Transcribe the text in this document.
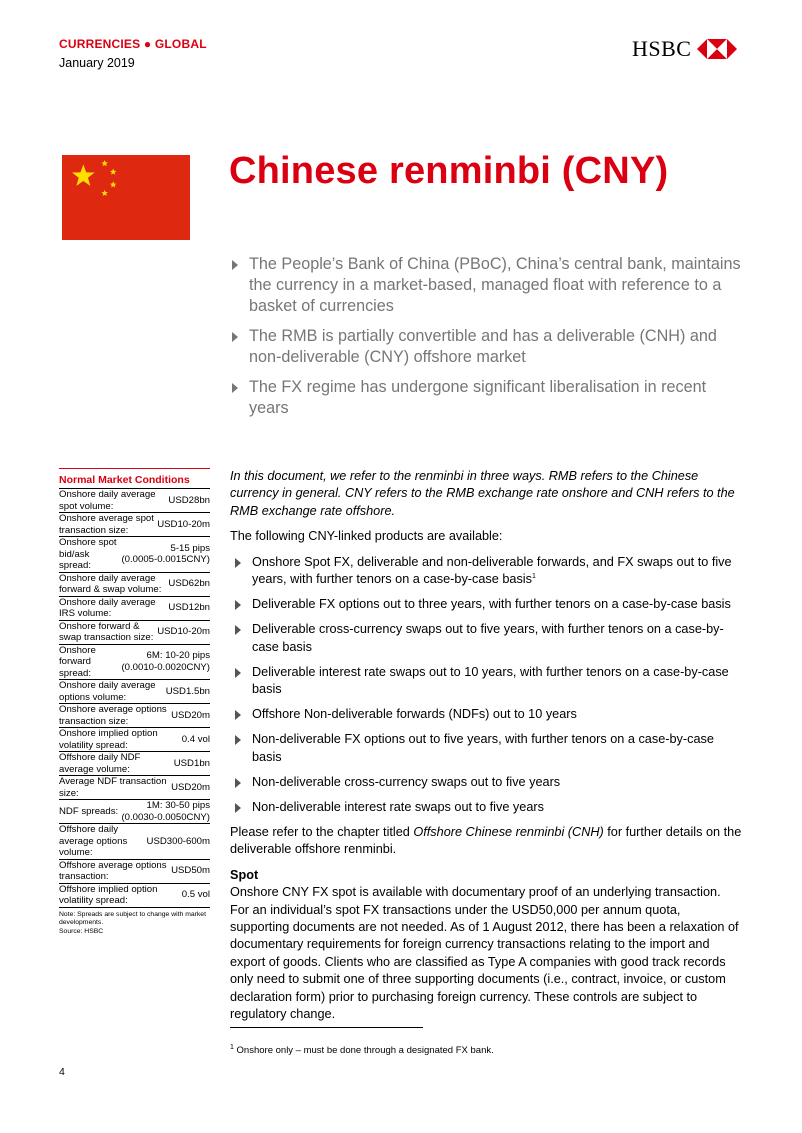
CURRENCIES ● GLOBAL
January 2019
HSBC
Chinese renminbi (CNY)
The People’s Bank of China (PBoC), China’s central bank, maintains the currency in a market-based, managed float with reference to a basket of currencies
The RMB is partially convertible and has a deliverable (CNH) and non-deliverable (CNY) offshore market
The FX regime has undergone significant liberalisation in recent years
Normal Market Conditions
Onshore daily average spot volume:
USD28bn
Onshore average spot transaction size:
USD10-20m
Onshore spot bid/ask spread:
5-15 pips
(0.0005-0.0015CNY)
Onshore daily average forward & swap volume:
USD62bn
Onshore daily average IRS volume:
USD12bn
Onshore forward & swap transaction size:
USD10-20m
Onshore forward spread:
6M: 10-20 pips
(0.0010-0.0020CNY)
Onshore daily average options volume:
USD1.5bn
Onshore average options transaction size:
USD20m
Onshore implied option volatility spread:
0.4 vol
Offshore daily NDF average volume:
USD1bn
Average NDF transaction size:
USD20m
NDF spreads:
1M: 30-50 pips
(0.0030-0.0050CNY)
Offshore daily average options volume:
USD300-600m
Offshore average options transaction:
USD50m
Offshore implied option volatility spread:
0.5 vol
Note: Spreads are subject to change with market developments.
Source: HSBC

In this document, we refer to the renminbi in three ways. RMB refers to the Chinese currency in general. CNY refers to the RMB exchange rate onshore and CNH refers to the RMB exchange rate offshore.

The following CNY-linked products are available:

Onshore Spot FX, deliverable and non-deliverable forwards, and FX swaps out to five years, with further tenors on a case-by-case basis$^1$
Deliverable FX options out to three years, with further tenors on a case-by-case basis
Deliverable cross-currency swaps out to five years, with further tenors on a case-by-case basis
Deliverable interest rate swaps out to 10 years, with further tenors on a case-by-case basis
Offshore Non-deliverable forwards (NDFs) out to 10 years
Non-deliverable FX options out to five years, with further tenors on a case-by-case basis
Non-deliverable cross-currency swaps out to five years
Non-deliverable interest rate swaps out to five years

Please refer to the chapter titled Offshore Chinese renminbi (CNH) for further details on the deliverable offshore renminbi.

Spot

Onshore CNY FX spot is available with documentary proof of an underlying transaction. For an individual’s spot FX transactions under the USD50,000 per annum quota, supporting documents are not needed. As of 1 August 2012, there has been a relaxation of documentary requirements for foreign currency transactions relating to the import and export of goods. Clients who are classified as Type A companies with good track records only need to submit one of three supporting documents (i.e., contract, invoice, or custom declaration form) prior to purchasing foreign currency. These controls are subject to regulatory change.

$^1$ Onshore only – must be done through a designated FX bank.
4
